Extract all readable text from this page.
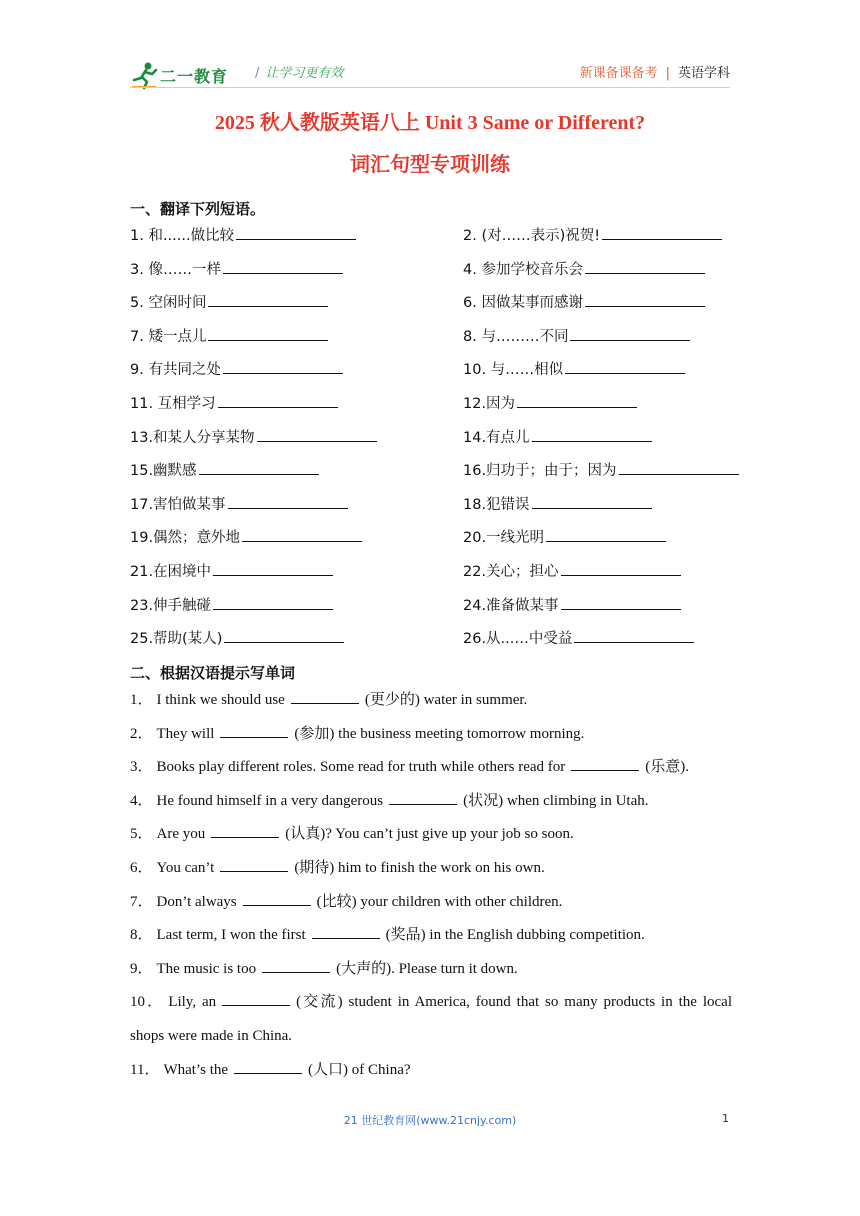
二一教育 / 让学习更有效	新课备课备考 | 英语学科
2025 秋人教版英语八上 Unit 3 Same or Different?
词汇句型专项训练
一、翻译下列短语。
1. 和......做比较	2. (对……表示)祝贺!
3. 像……一样	4. 参加学校音乐会
5. 空闲时间	6. 因做某事而感谢
7. 矮一点儿	8. 与………不同
9. 有共同之处	10. 与……相似
11. 互相学习	12.因为
13.和某人分享某物	14.有点儿
15.幽默感	16.归功于；由于；因为
17.害怕做某事	18.犯错误
19.偶然；意外地	20.一线光明
21.在困境中	22.关心；担心
23.伸手触碰	24.准备做某事
25.帮助(某人)	26.从...…中受益
二、根据汉语提示写单词
1． I think we should use	(更少的) water in summer.
2． They will	(参加) the business meeting tomorrow morning.
3． Books play different roles. Some read for truth while others read for	(乐意).
4． He found himself in a very dangerous	(状况) when climbing in Utah.
5． Are you	(认真)? You can’t just give up your job so soon.
6． You can’t	(期待) him to finish the work on his own.
7． Don’t always	(比较) your children with other children.
8． Last term, I won the first	(奖品) in the English dubbing competition.
9． The music is too	(大声的). Please turn it down.
10． Lily, an	(交流) student in America, found that so many products in the local shops were made in China.
11． What’s the	(人口) of China?
21 世纪教育网(www.21cnjy.com)	1
